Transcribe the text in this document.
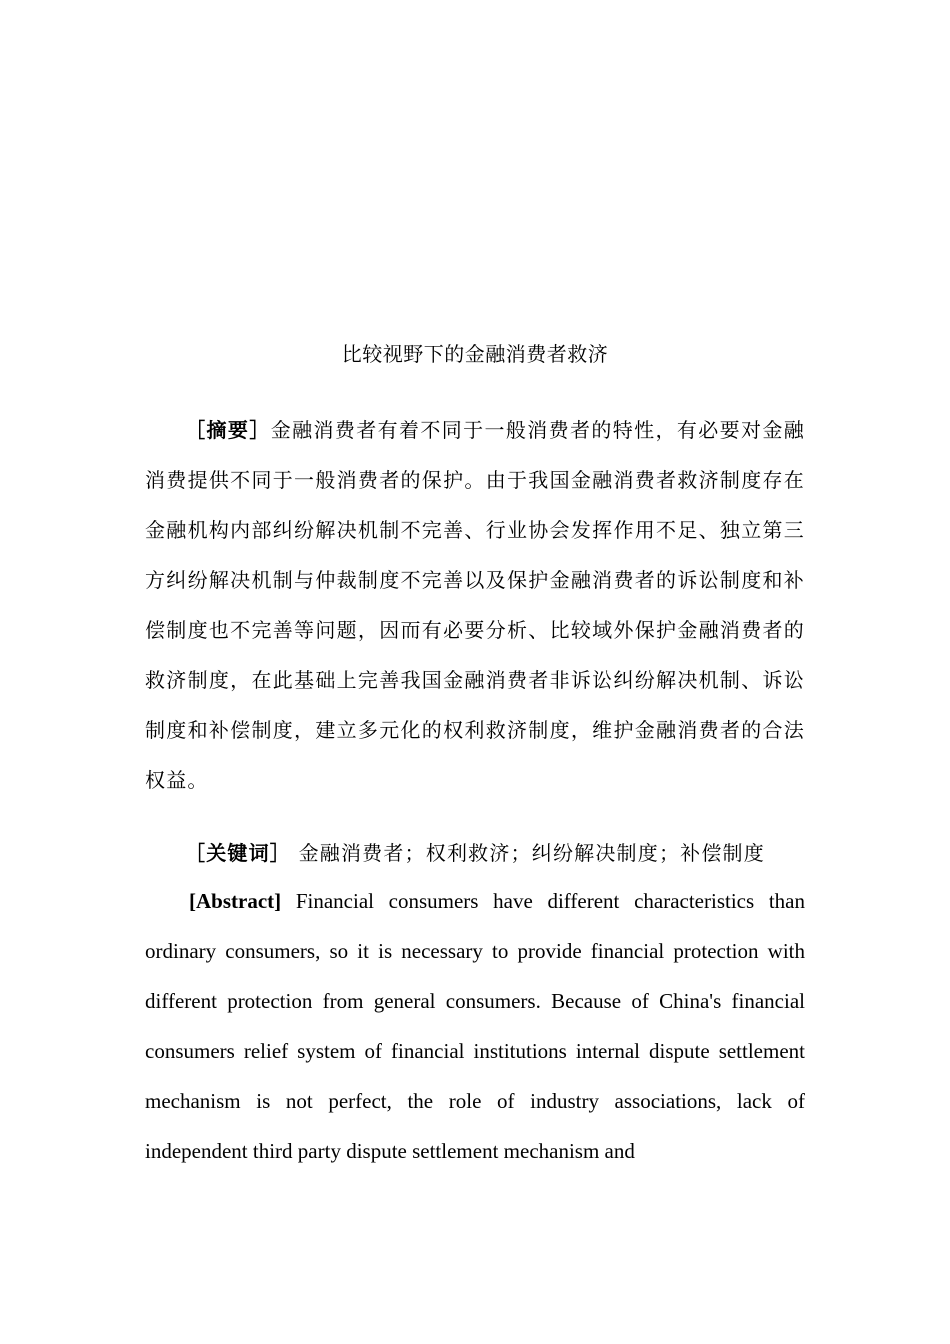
比较视野下的金融消费者救济
［摘要］金融消费者有着不同于一般消费者的特性，有必要对金融消费提供不同于一般消费者的保护。由于我国金融消费者救济制度存在金融机构内部纠纷解决机制不完善、行业协会发挥作用不足、独立第三方纠纷解决机制与仲裁制度不完善以及保护金融消费者的诉讼制度和补偿制度也不完善等问题，因而有必要分析、比较域外保护金融消费者的救济制度，在此基础上完善我国金融消费者非诉讼纠纷解决机制、诉讼制度和补偿制度，建立多元化的权利救济制度，维护金融消费者的合法权益。
［关键词］ 金融消费者；权利救济；纠纷解决制度；补偿制度
[Abstract] Financial consumers have different characteristics than ordinary consumers, so it is necessary to provide financial protection with different protection from general consumers. Because of China's financial consumers relief system of financial institutions internal dispute settlement mechanism is not perfect, the role of industry associations, lack of independent third party dispute settlement mechanism and
